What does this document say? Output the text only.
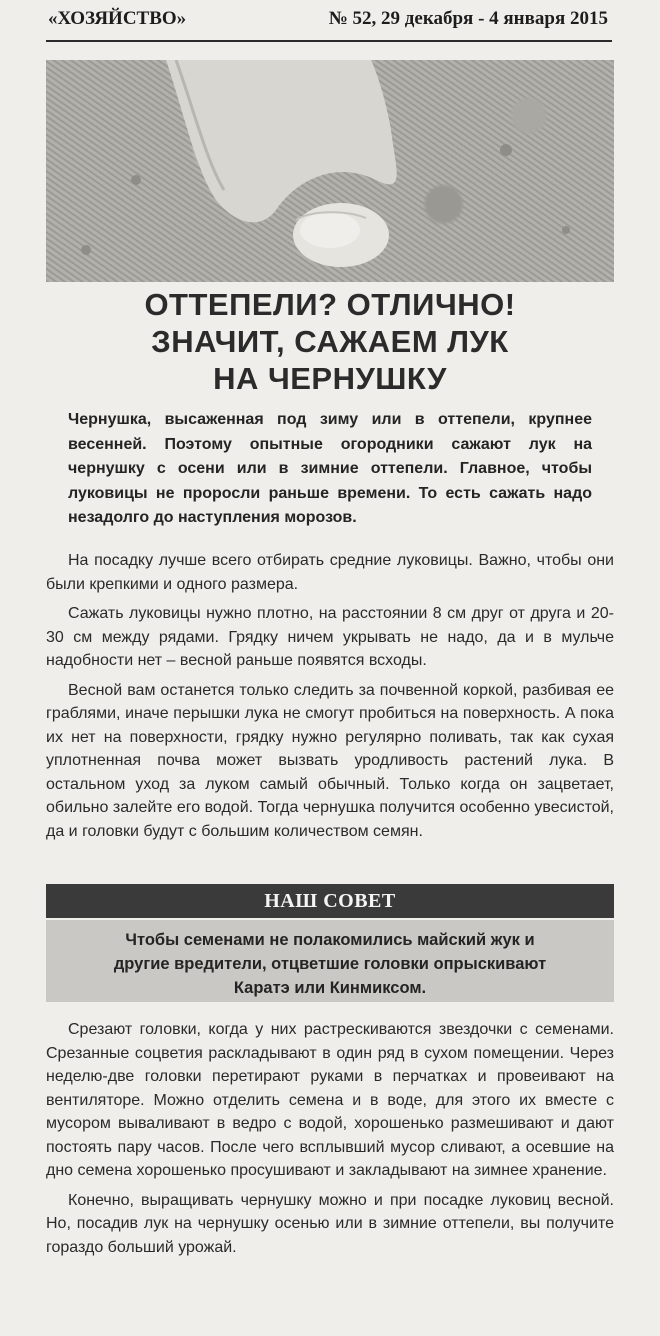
«ХОЗЯЙСТВО»	№ 52, 29 декабря - 4 января 2015
ОТТЕПЕЛИ? ОТЛИЧНО!
ЗНАЧИТ, САЖАЕМ ЛУК
НА ЧЕРНУШКУ

Чернушка, высаженная под зиму или в оттепели, крупнее весенней. Поэтому опытные огородники сажают лук на чернушку с осени или в зимние оттепели. Главное, чтобы луковицы не проросли раньше времени. То есть сажать надо незадолго до наступления морозов.

На посадку лучше всего отбирать средние луковицы. Важно, чтобы они были крепкими и одного размера.

Сажать луковицы нужно плотно, на расстоянии 8 см друг от друга и 20-30 см между рядами. Грядку ничем укрывать не надо, да и в мульче надобности нет – весной раньше появятся всходы.

Весной вам останется только следить за почвенной коркой, разбивая ее граблями, иначе перышки лука не смогут пробиться на поверхность. А пока их нет на поверхности, грядку нужно регулярно поливать, так как сухая уплотненная почва может вызвать уродливость растений лука. В остальном уход за луком самый обычный. Только когда он зацветает, обильно залейте его водой. Тогда чернушка получится особенно увесистой, да и головки будут с большим количеством семян.

НАШ СОВЕТ

Чтобы семенами не полакомились майский жук и другие вредители, отцветшие головки опрыскивают Каратэ или Кинмиксом.

Срезают головки, когда у них растрескиваются звездочки с семенами. Срезанные соцветия раскладывают в один ряд в сухом помещении. Через неделю-две головки перетирают руками в перчатках и провеивают на вентиляторе. Можно отделить семена и в воде, для этого их вместе с мусором вываливают в ведро с водой, хорошенько размешивают и дают постоять пару часов. После чего всплывший мусор сливают, а осевшие на дно семена хорошенько просушивают и закладывают на зимнее хранение.

Конечно, выращивать чернушку можно и при посадке луковиц весной. Но, посадив лук на чернушку осенью или в зимние оттепели, вы получите гораздо больший урожай.
